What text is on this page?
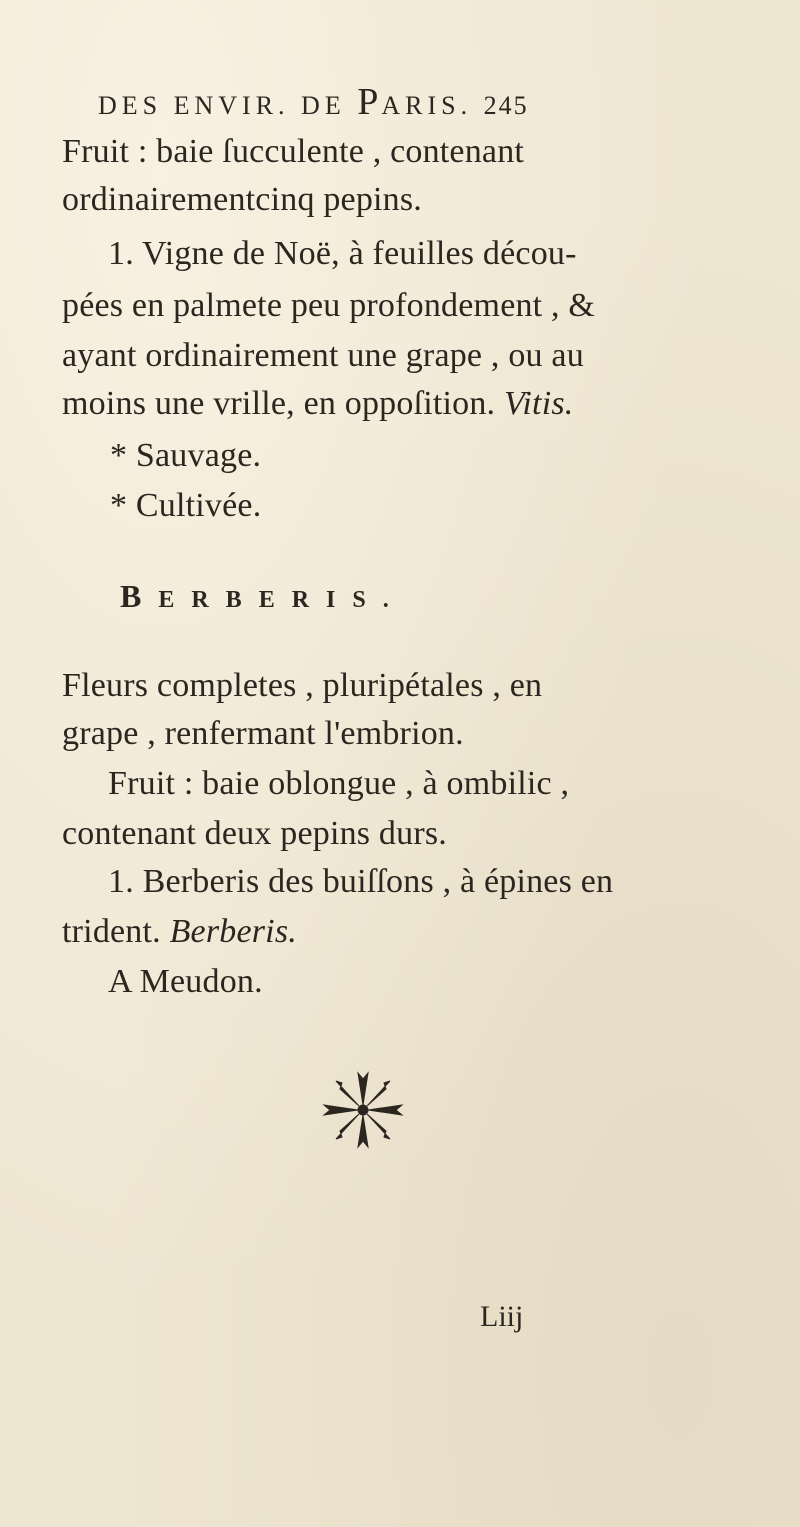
DES ENVIR. DE PARIS. 245
Fruit : baie ſucculente , contenant
ordinairementcinq pepins.
1. Vigne de Noë, à feuilles décou-
pées en palmete peu profondement , &
ayant ordinairement une grape , ou au
moins une vrille, en oppoſition. Vitis.
* Sauvage.
* Cultivée.
BERBERIS.
Fleurs completes , pluripétales , en
grape , renfermant l'embrion.
Fruit : baie oblongue , à ombilic ,
contenant deux pepins durs.
1. Berberis des buiſſons , à épines en
trident. Berberis.
A Meudon.
Liij
